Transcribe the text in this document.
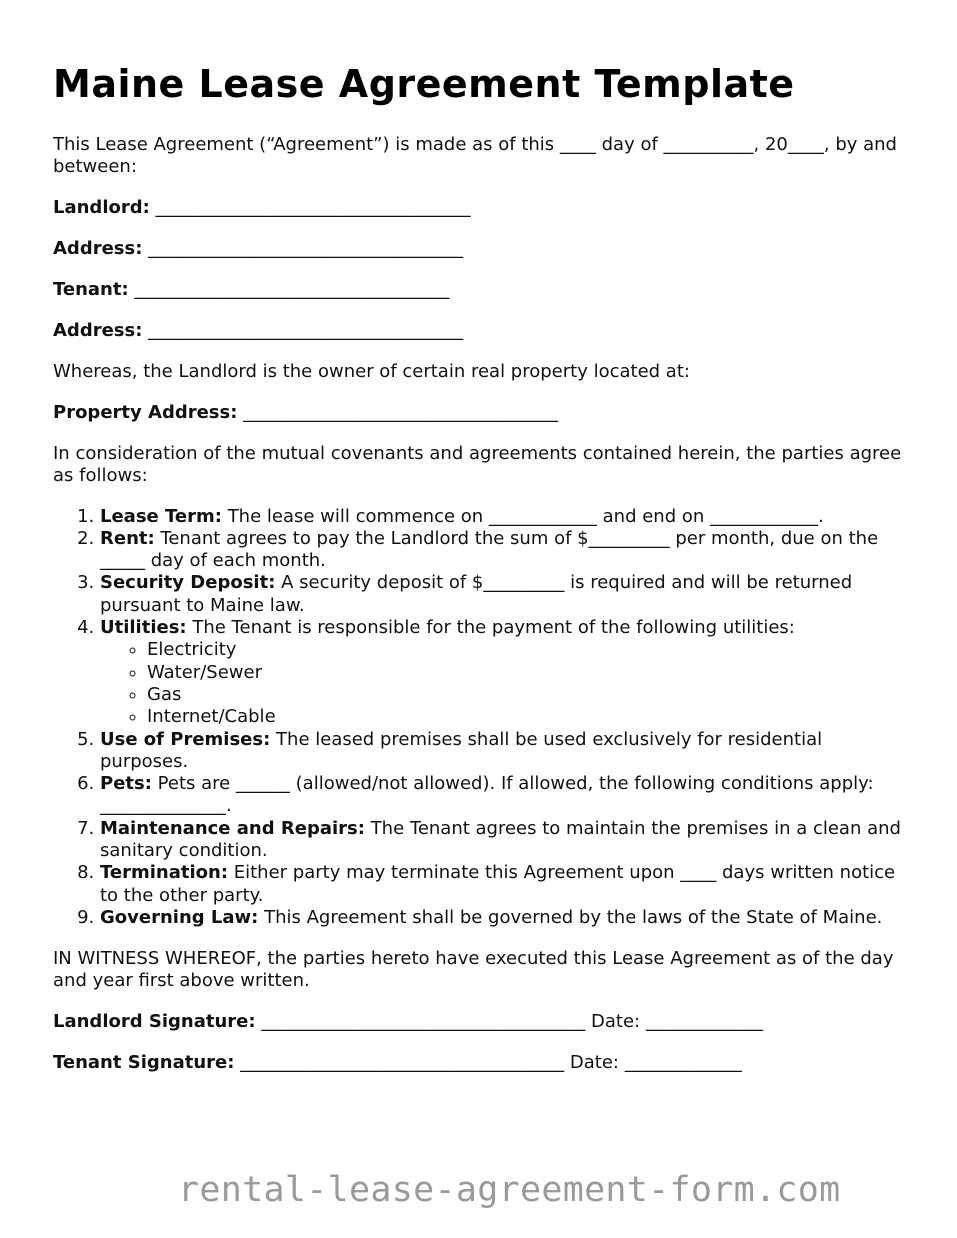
Maine Lease Agreement Template

This Lease Agreement (“Agreement”) is made as of this ____ day of __________, 20____, by and between:

Landlord: ___________________________________
Address: ___________________________________
Tenant: ___________________________________
Address: ___________________________________

Whereas, the Landlord is the owner of certain real property located at:

Property Address: ___________________________________

In consideration of the mutual covenants and agreements contained herein, the parties agree as follows:

1. Lease Term: The lease will commence on ____________ and end on ____________.
2. Rent: Tenant agrees to pay the Landlord the sum of $_________ per month, due on the _____ day of each month.
3. Security Deposit: A security deposit of $_________ is required and will be returned pursuant to Maine law.
4. Utilities: The Tenant is responsible for the payment of the following utilities:
◦ Electricity
◦ Water/Sewer
◦ Gas
◦ Internet/Cable
5. Use of Premises: The leased premises shall be used exclusively for residential purposes.
6. Pets: Pets are ______ (allowed/not allowed). If allowed, the following conditions apply: ______________.
7. Maintenance and Repairs: The Tenant agrees to maintain the premises in a clean and sanitary condition.
8. Termination: Either party may terminate this Agreement upon ____ days written notice to the other party.
9. Governing Law: This Agreement shall be governed by the laws of the State of Maine.

IN WITNESS WHEREOF, the parties hereto have executed this Lease Agreement as of the day and year first above written.

Landlord Signature: ____________________________________ Date: _____________
Tenant Signature: ____________________________________ Date: _____________
rental-lease-agreement-form.com
